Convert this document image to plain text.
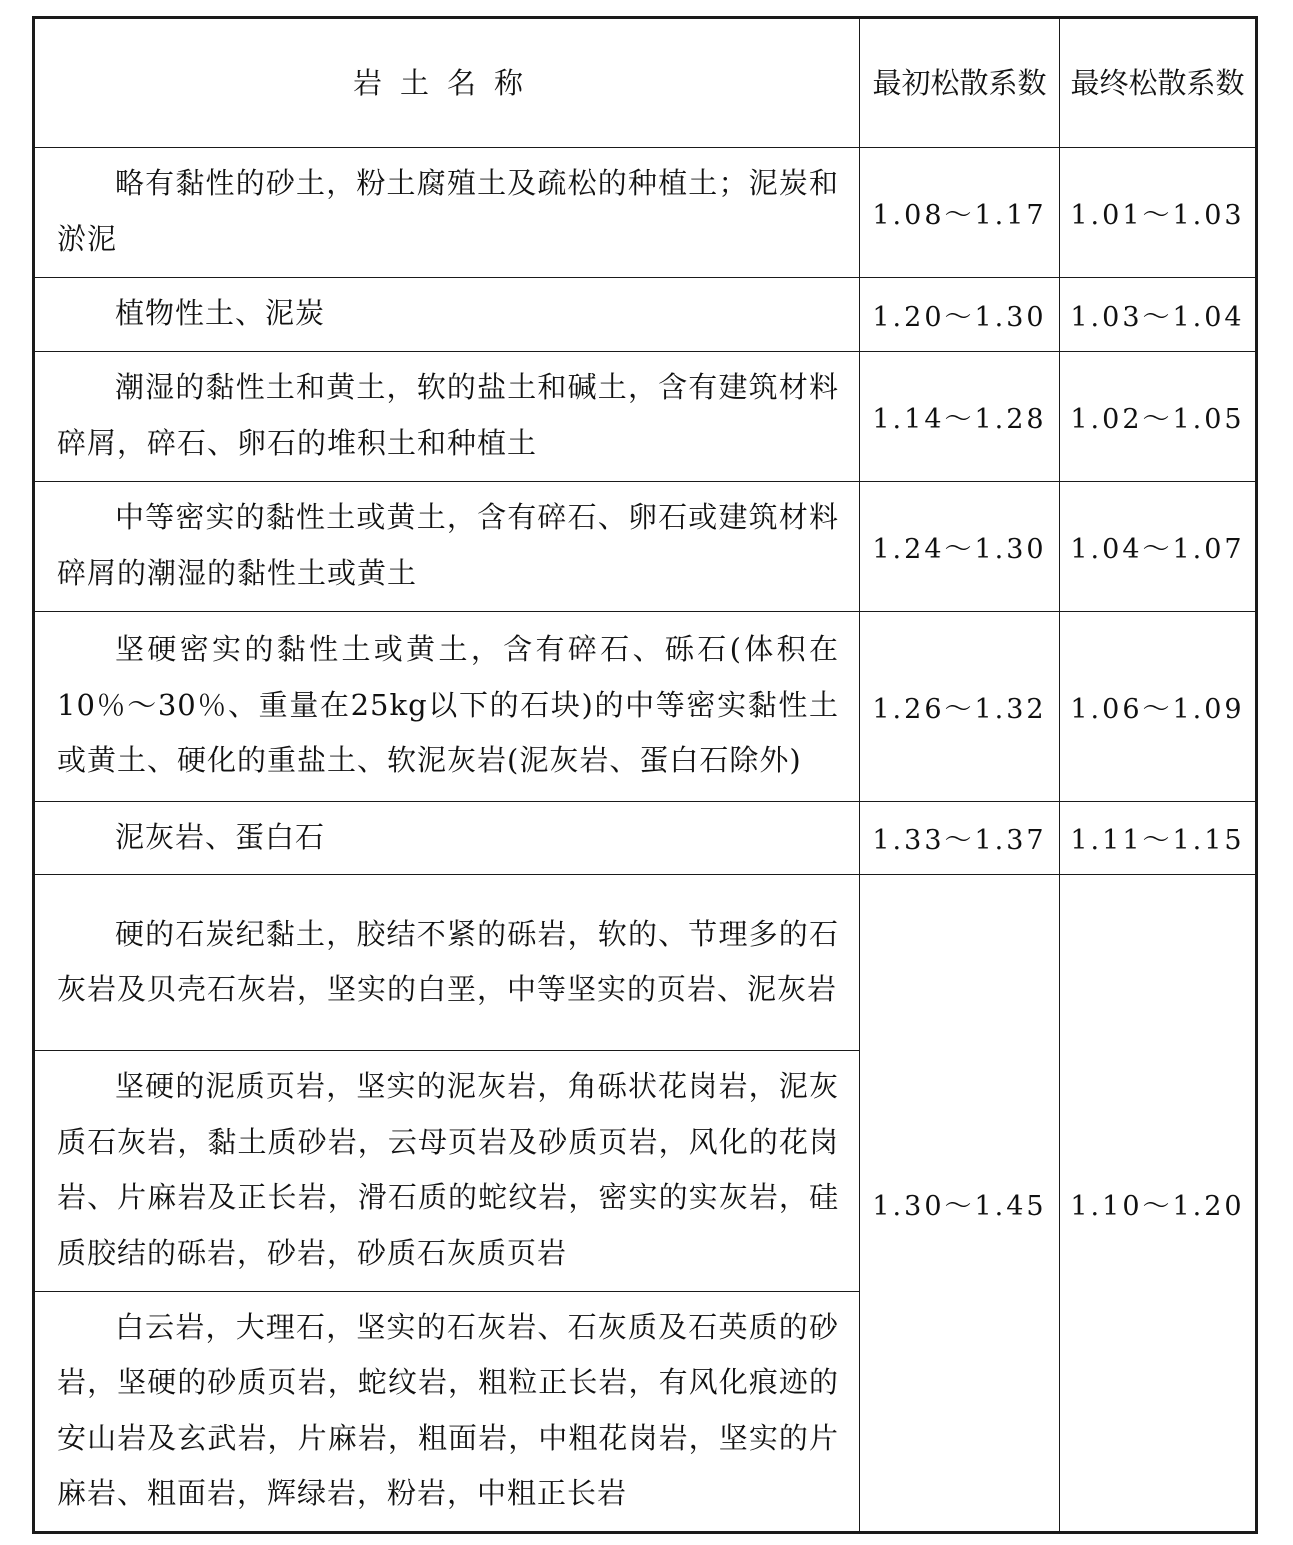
岩土名称	最初松散系数	最终松散系数
略有黏性的砂土，粉土腐殖土及疏松的种植土；泥炭和淤泥	1.08～1.17	1.01～1.03
植物性土、泥炭	1.20～1.30	1.03～1.04
潮湿的黏性土和黄土，软的盐土和碱土，含有建筑材料碎屑，碎石、卵石的堆积土和种植土	1.14～1.28	1.02～1.05
中等密实的黏性土或黄土，含有碎石、卵石或建筑材料碎屑的潮湿的黏性土或黄土	1.24～1.30	1.04～1.07
坚硬密实的黏性土或黄土，含有碎石、砾石(体积在10％～30％、重量在25kg以下的石块)的中等密实黏性土或黄土、硬化的重盐土、软泥灰岩(泥灰岩、蛋白石除外)	1.26～1.32	1.06～1.09
泥灰岩、蛋白石	1.33～1.37	1.11～1.15
硬的石炭纪黏土，胶结不紧的砾岩，软的、节理多的石灰岩及贝壳石灰岩，坚实的白垩，中等坚实的页岩、泥灰岩	1.30～1.45	1.10～1.20
坚硬的泥质页岩，坚实的泥灰岩，角砾状花岗岩，泥灰质石灰岩，黏土质砂岩，云母页岩及砂质页岩，风化的花岗岩、片麻岩及正长岩，滑石质的蛇纹岩，密实的实灰岩，硅质胶结的砾岩，砂岩，砂质石灰质页岩		
白云岩，大理石，坚实的石灰岩、石灰质及石英质的砂岩，坚硬的砂质页岩，蛇纹岩，粗粒正长岩，有风化痕迹的安山岩及玄武岩，片麻岩，粗面岩，中粗花岗岩，坚实的片麻岩、粗面岩，辉绿岩，粉岩，中粗正长岩		
